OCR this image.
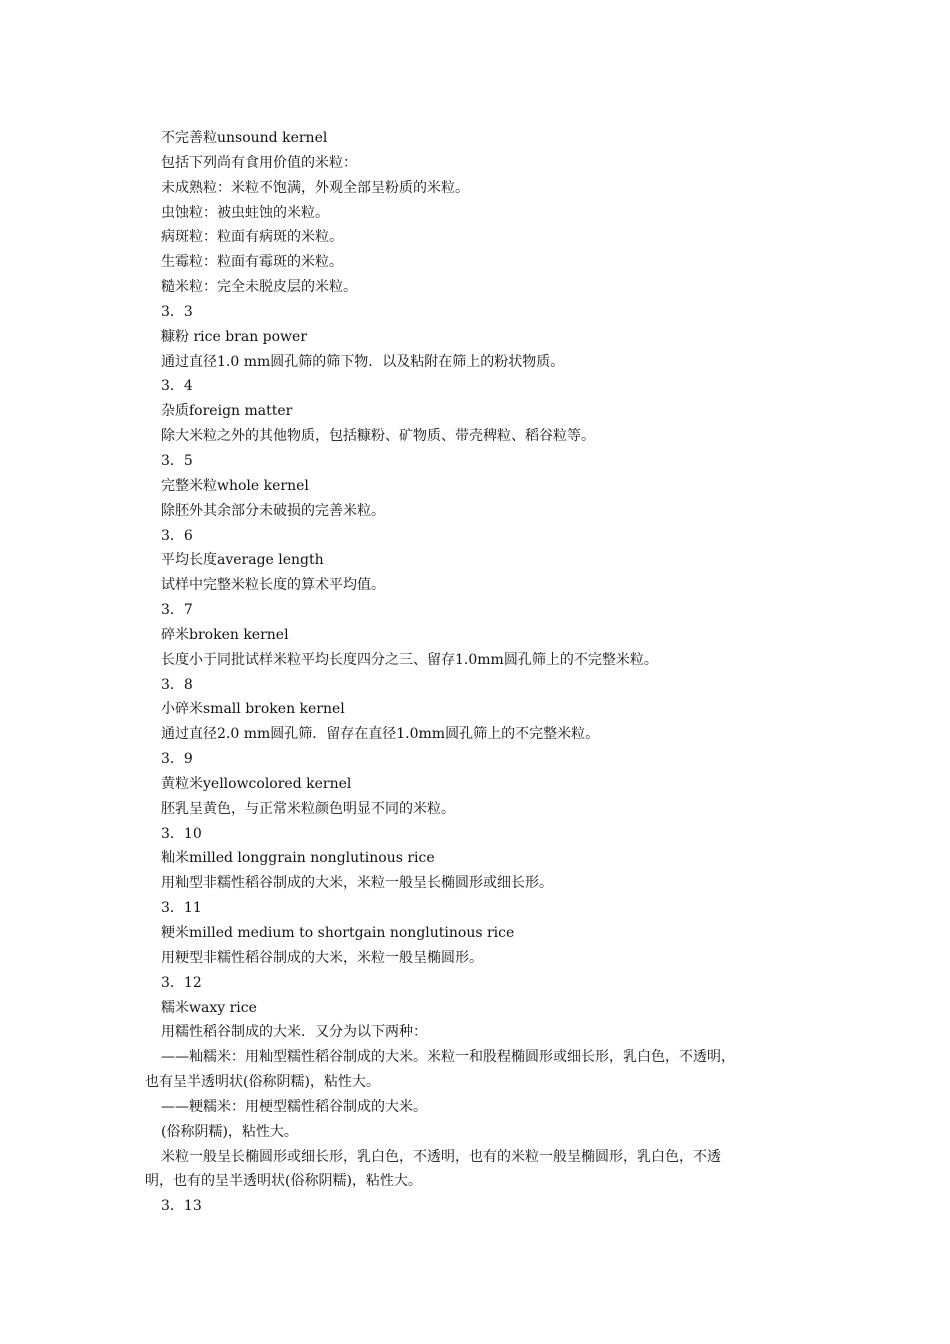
不完善粒unsound kernel

包括下列尚有食用价值的米粒：

未成熟粒：米粒不饱满，外观全部呈粉质的米粒。

虫蚀粒：被虫蛀蚀的米粒。

病斑粒：粒面有病斑的米粒。

生霉粒：粒面有霉斑的米粒。

糙米粒：完全未脱皮层的米粒。

3．3

糠粉 rice bran power

通过直径1.0 mm圆孔筛的筛下物．以及粘附在筛上的粉状物质。

3．4

杂质foreign matter

除大米粒之外的其他物质，包括糠粉、矿物质、带壳稗粒、稻谷粒等。

3．5

完整米粒whole kernel

除胚外其余部分未破损的完善米粒。

3．6

平均长度average length

试样中完整米粒长度的算术平均值。

3．7

碎米broken kernel

长度小于同批试样米粒平均长度四分之三、留存1.0mm圆孔筛上的不完整米粒。

3．8

小碎米small broken kernel

通过直径2.0 mm圆孔筛．留存在直径1.0mm圆孔筛上的不完整米粒。

3．9

黄粒米yellowcolored kernel

胚乳呈黄色，与正常米粒颜色明显不同的米粒。

3．10

籼米milled longgrain nonglutinous rice

用籼型非糯性稻谷制成的大米，米粒一般呈长椭圆形或细长形。

3．11

粳米milled medium to shortgain nonglutinous rice

用粳型非糯性稻谷制成的大米，米粒一般呈椭圆形。

3．12

糯米waxy rice

用糯性稻谷制成的大米．又分为以下两种：

——籼糯米：用籼型糯性稻谷制成的大米。米粒一和股程椭圆形或细长形，乳白色，不透明，

也有呈半透明状(俗称阴糯)，粘性大。

——粳糯米：用梗型糯性稻谷制成的大米。

(俗称阴糯)，粘性大。

米粒一般呈长椭圆形或细长形，乳白色，不透明，也有的米粒一般呈椭圆形，乳白色，不透

明，也有的呈半透明状(俗称阴糯)，粘性大。

3．13
